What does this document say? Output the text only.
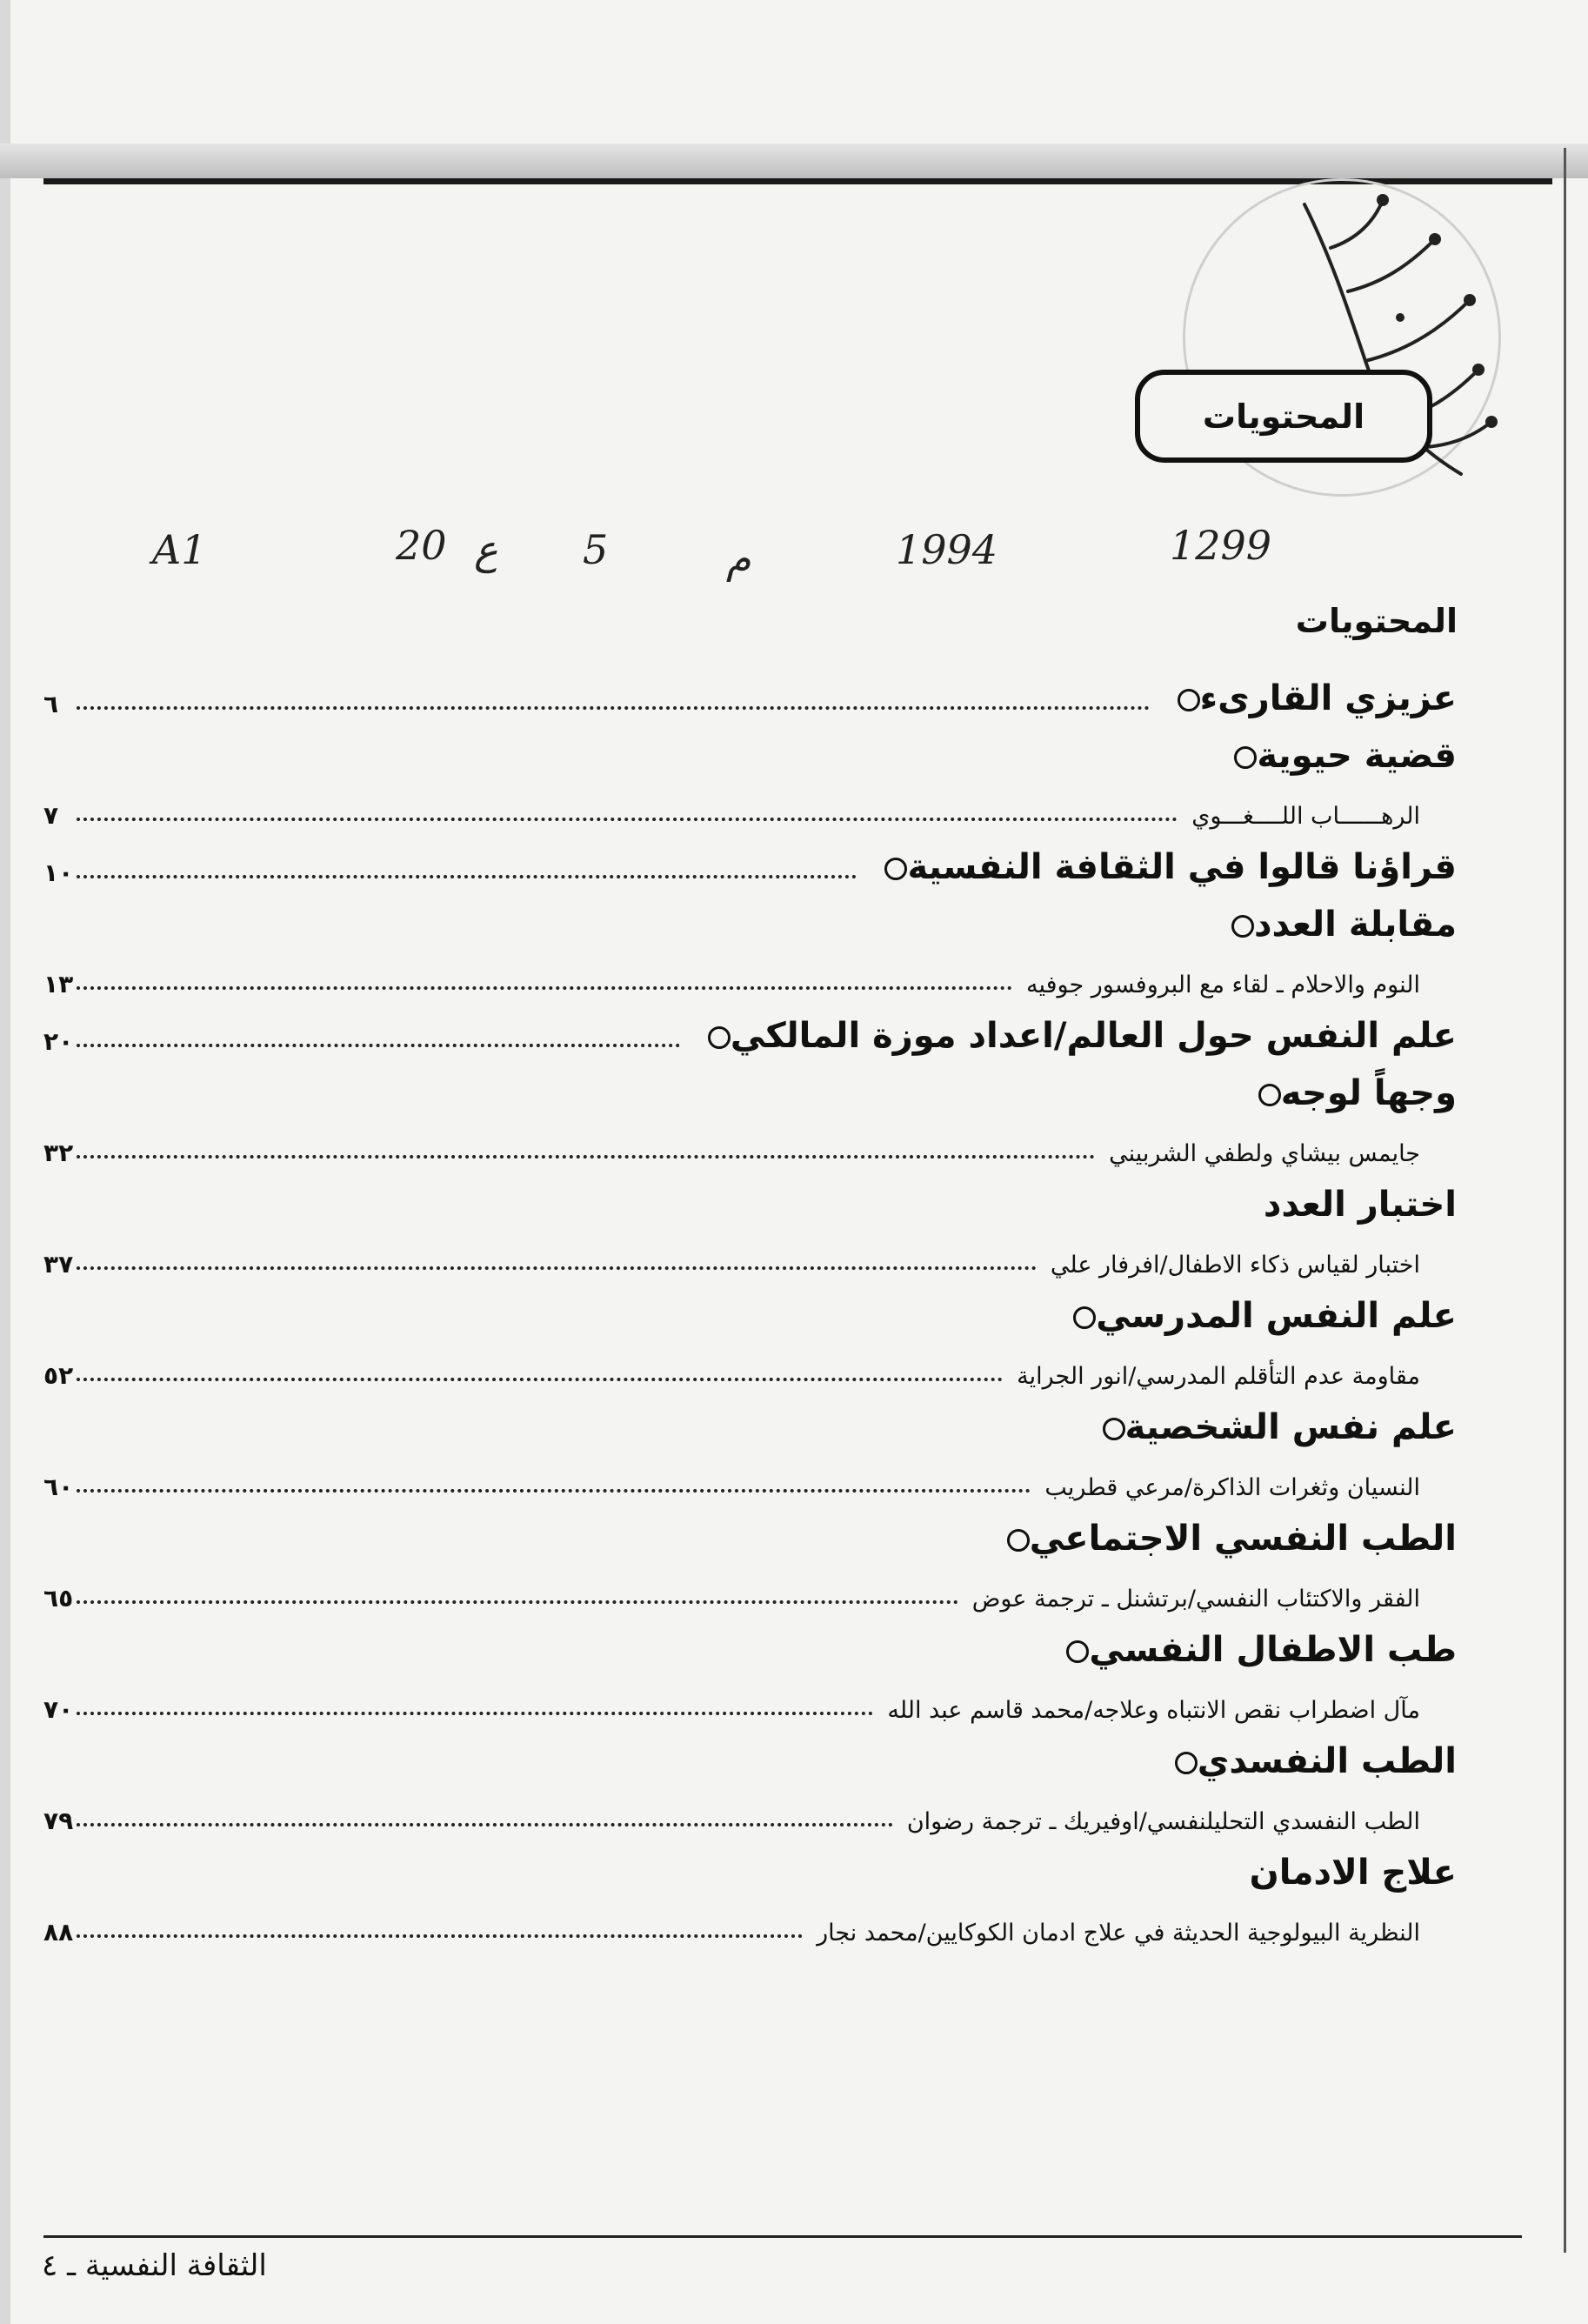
المحتويات
A1	20 ع 5	م	1994	1299
المحتويات
٦	عزيزي القارىء
قضية حيوية
٧	الرهــــــاب اللــــغـــوي
١٠	قراؤنا قالوا في الثقافة النفسية
مقابلة العدد
١٣	النوم والاحلام ـ لقاء مع البروفسور جوفيه
٢٠	علم النفس حول العالم/اعداد موزة المالكي
وجهاً لوجه
٣٢	جايمس بيشاي ولطفي الشربيني
اختبار العدد
٣٧	اختبار لقياس ذكاء الاطفال/افرفار علي
علم النفس المدرسي
٥٢	مقاومة عدم التأقلم المدرسي/انور الجراية
علم نفس الشخصية
٦٠	النسيان وثغرات الذاكرة/مرعي قطريب
الطب النفسي الاجتماعي
٦٥	الفقر والاكتئاب النفسي/برتشنل ـ ترجمة عوض
طب الاطفال النفسي
٧٠	مآل اضطراب نقص الانتباه وعلاجه/محمد قاسم عبد الله
الطب النفسدي
٧٩	الطب النفسدي التحليلنفسي/اوفيريك ـ ترجمة رضوان
علاج الادمان
٨٨	النظرية البيولوجية الحديثة في علاج ادمان الكوكايين/محمد نجار
الثقافة النفسية ـ ٤
